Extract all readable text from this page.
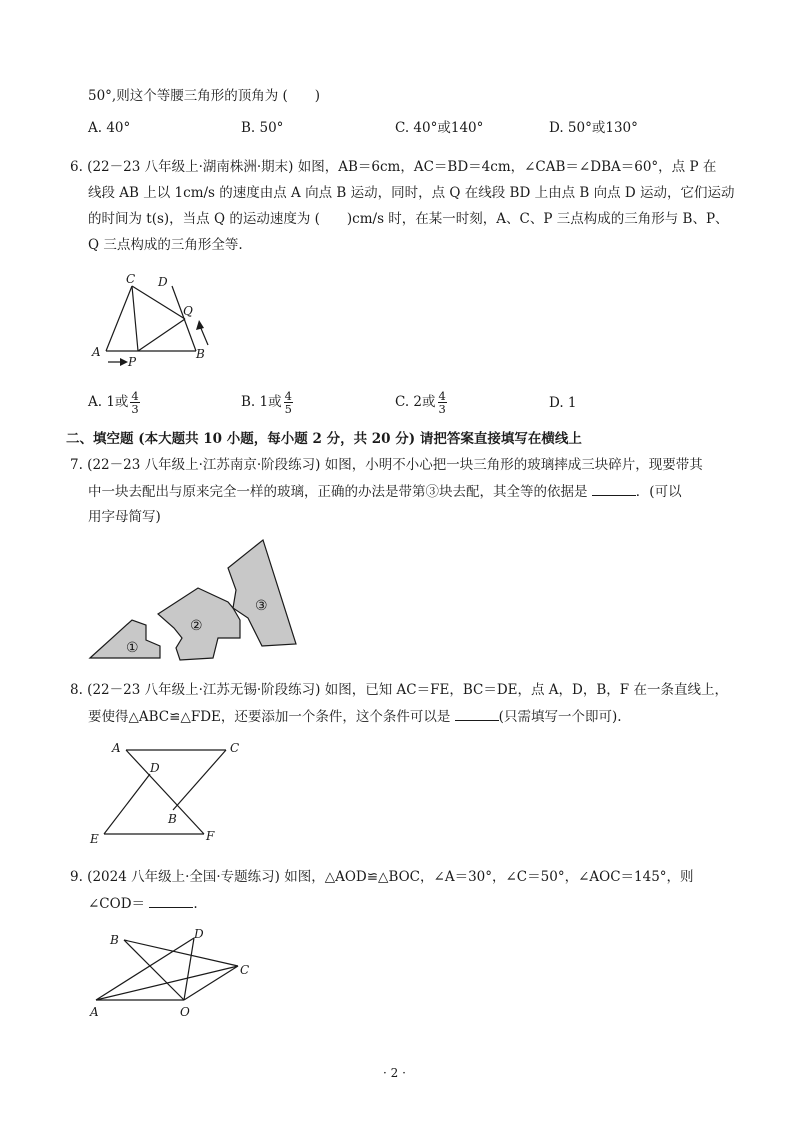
50°,则这个等腰三角形的顶角为 (　　)
A. 40°	B. 50°	C. 40°或140°	D. 50°或130°
6. (22－23 八年级上·湖南株洲·期末) 如图，AB＝6cm，AC＝BD＝4cm，∠CAB＝∠DBA＝60°，点 P 在
线段 AB 上以 1cm/s 的速度由点 A 向点 B 运动，同时，点 Q 在线段 BD 上由点 B 向点 D 运动，它们运动
的时间为 t(s)，当点 Q 的运动速度为 (　　)cm/s 时，在某一时刻，A、C、P 三点构成的三角形与 B、P、
Q 三点构成的三角形全等.
A	B
C D
P
Q
A. 1或 $\frac{4}{3}$	B. 1或 $\frac{4}{5}$	C. 2或 $\frac{4}{3}$	D. 1
二、填空题 (本大题共 10 小题，每小题 2 分，共 20 分) 请把答案直接填写在横线上
7. (22－23 八年级上·江苏南京·阶段练习) 如图，小明不小心把一块三角形的玻璃摔成三块碎片，现要带其
中一块去配出与原来完全一样的玻璃，正确的办法是带第③块去配，其全等的依据是	．(可以
用字母简写)
①
②
③
8. (22－23 八年级上·江苏无锡·阶段练习) 如图，已知 AC＝FE，BC＝DE，点 A，D，B，F 在一条直线上，
要使得△ABC≌△FDE，还要添加一个条件，这个条件可以是	(只需填写一个即可).
A	C
D
B
E	F
9. (2024 八年级上·全国·专题练习) 如图，△AOD≌△BOC，∠A＝30°，∠C＝50°，∠AOC＝145°，则
∠COD＝	.
B	D
C
A	O
· 2 ·
